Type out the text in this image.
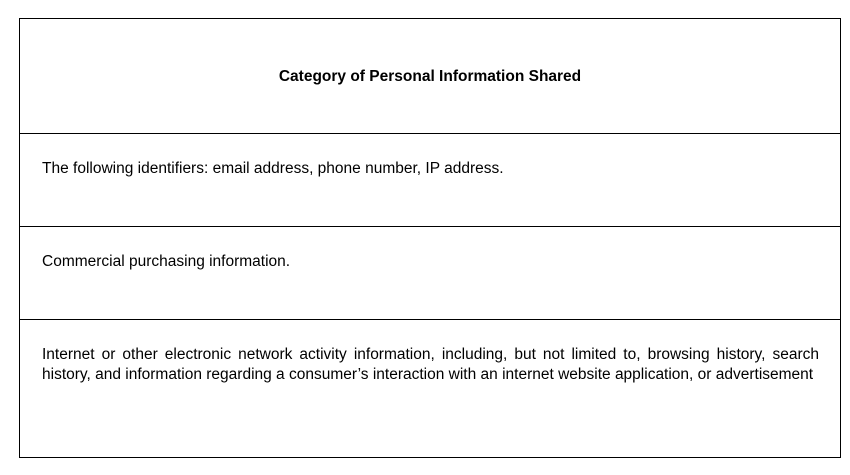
Category of Personal Information Shared
The following identifiers: email address, phone number, IP address.
Commercial purchasing information.
Internet or other electronic network activity information, including, but not limited to, browsing history, search history, and information regarding a consumer’s interaction with an internet website application, or advertisement
